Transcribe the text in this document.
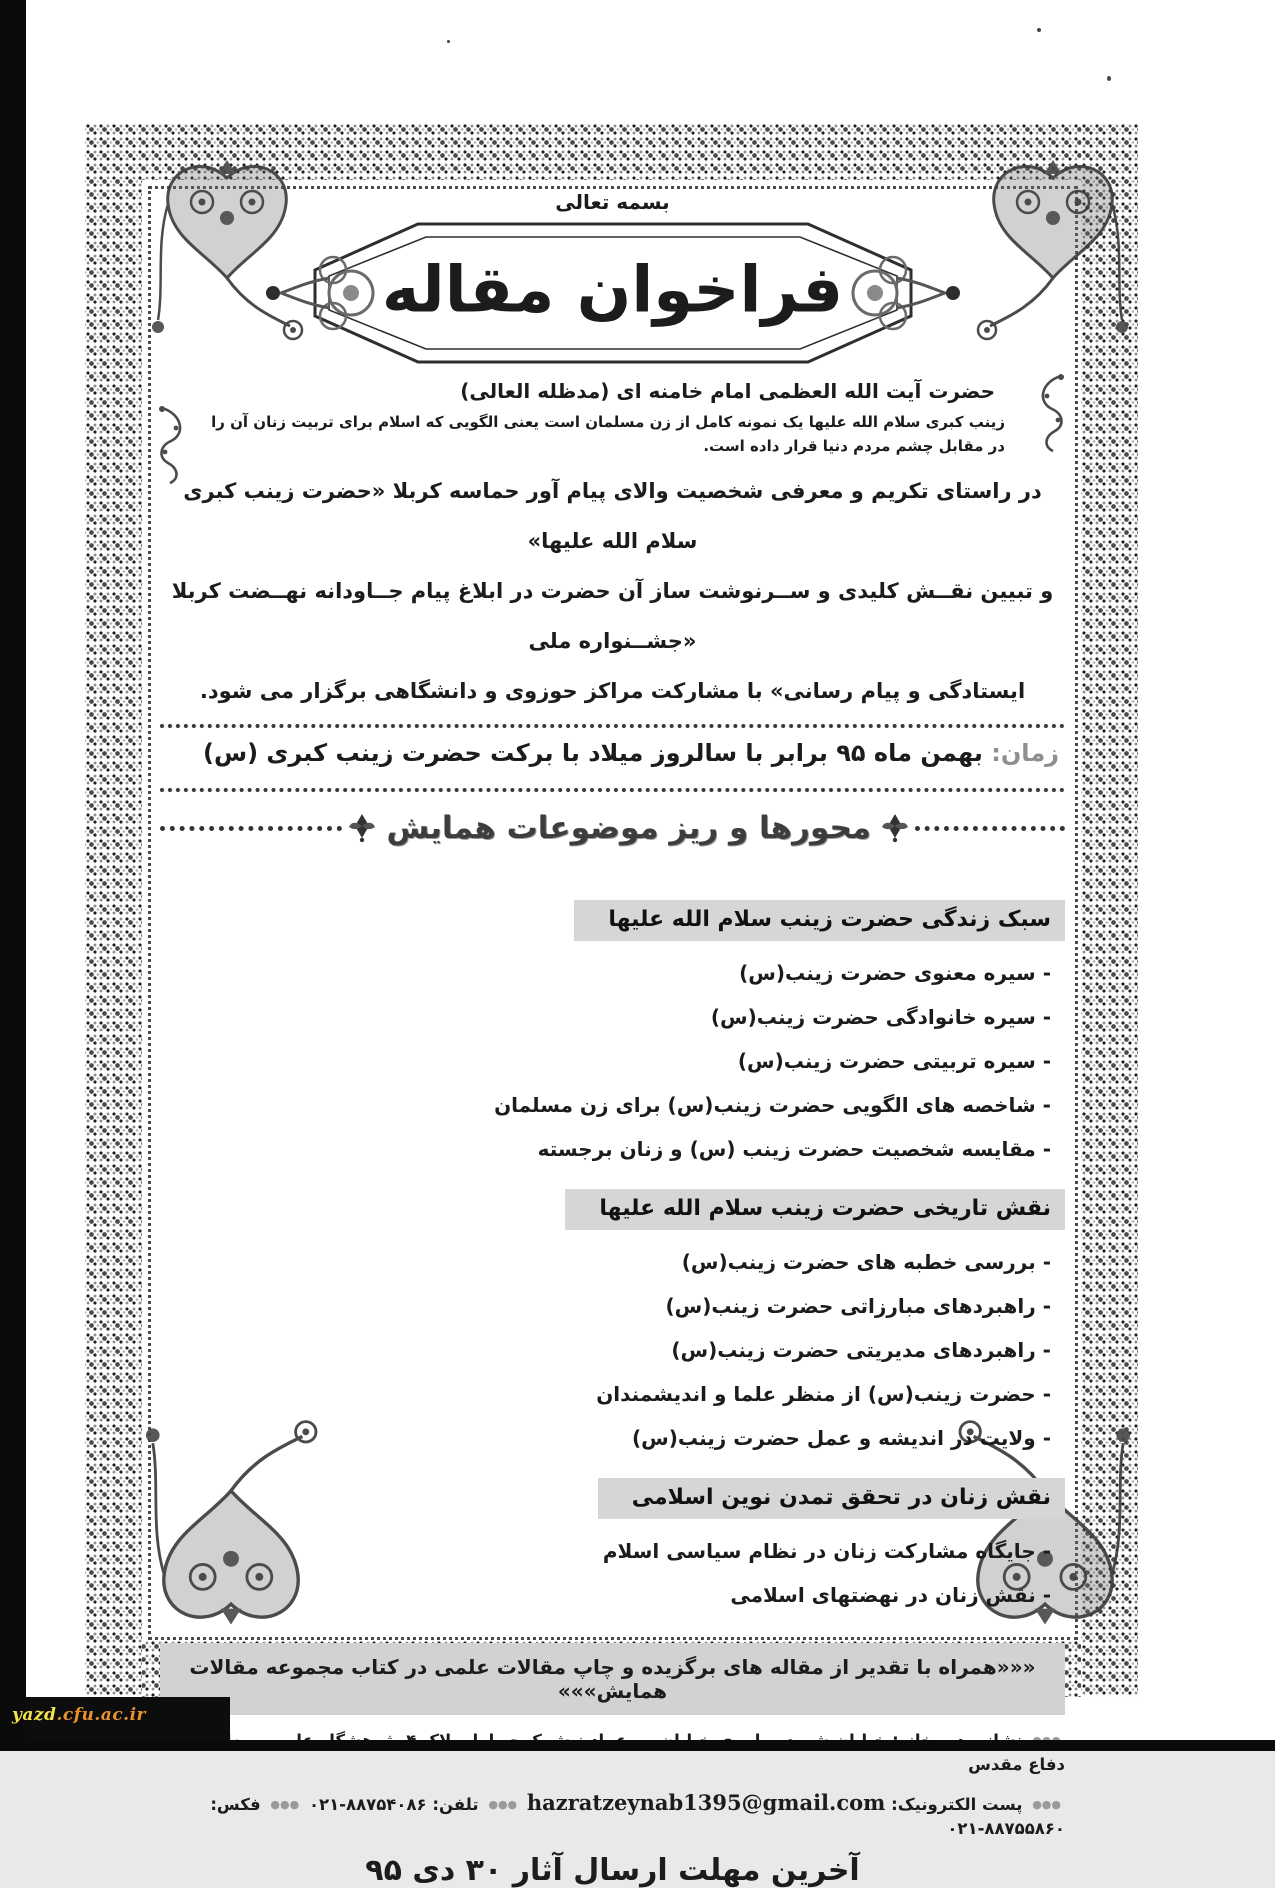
بسمه تعالی
فراخوان مقاله
حضرت آیت الله العظمی امام خامنه ای (مدظله العالی)
زینب کبری سلام الله علیها یک نمونه کامل از زن مسلمان است یعنی الگویی که اسلام برای تربیت زنان آن را در مقابل چشم مردم دنیا قرار داده است.
در راستای تکریم و معرفی شخصیت والای پیام آور حماسه کربلا «حضرت زینب کبری سلام الله علیها»
و تبیین نقــش کلیدی و ســرنوشت ساز آن حضرت در ابلاغ پیام جــاودانه نهــضت کربلا «جشــنواره ملی
ایستادگی و پیام رسانی» با مشارکت مراکز حوزوی و دانشگاهی برگزار می شود.
زمان: بهمن ماه ۹۵ برابر با سالروز میلاد با برکت حضرت زینب کبری (س)
محورها و ریز موضوعات همایش
سبک زندگی حضرت زینب سلام الله علیها
- سیره معنوی حضرت زینب(س)
- سیره خانوادگی حضرت زینب(س)
- سیره تربیتی حضرت زینب(س)
- شاخصه های الگویی حضرت زینب(س) برای زن مسلمان
- مقایسه شخصیت حضرت زینب (س) و زنان برجسته
نقش تاریخی حضرت زینب سلام الله علیها
- بررسی خطبه های حضرت زینب(س)
- راهبردهای مبارزاتی حضرت زینب(س)
- راهبردهای مدیریتی حضرت زینب(س)
- حضرت زینب(س) از منظر علما و اندیشمندان
- ولایت در اندیشه و عمل حضرت زینب(س)
نقش زنان در تحقق تمدن نوین اسلامی
- جایگاه مشارکت زنان در نظام سیاسی اسلام
- نقش زنان در نهضتهای اسلامی
«««همراه با تقدیر از مقاله های برگزیده و چاپ مقالات علمی در کتاب مجموعه مقالات همایش»»»
دفاع مقدس
●●● پست الکترونیک: hazratzeynab1395@gmail.com ●●● تلفن: ۰۲۱-۸۸۷۵۴۰۸۶ ●●● فکس: ۰۲۱-۸۸۷۵۵۸۶۰
آخرین مهلت ارسال آثار ۳۰ دی ۹۵
yazd.cfu.ac.ir
